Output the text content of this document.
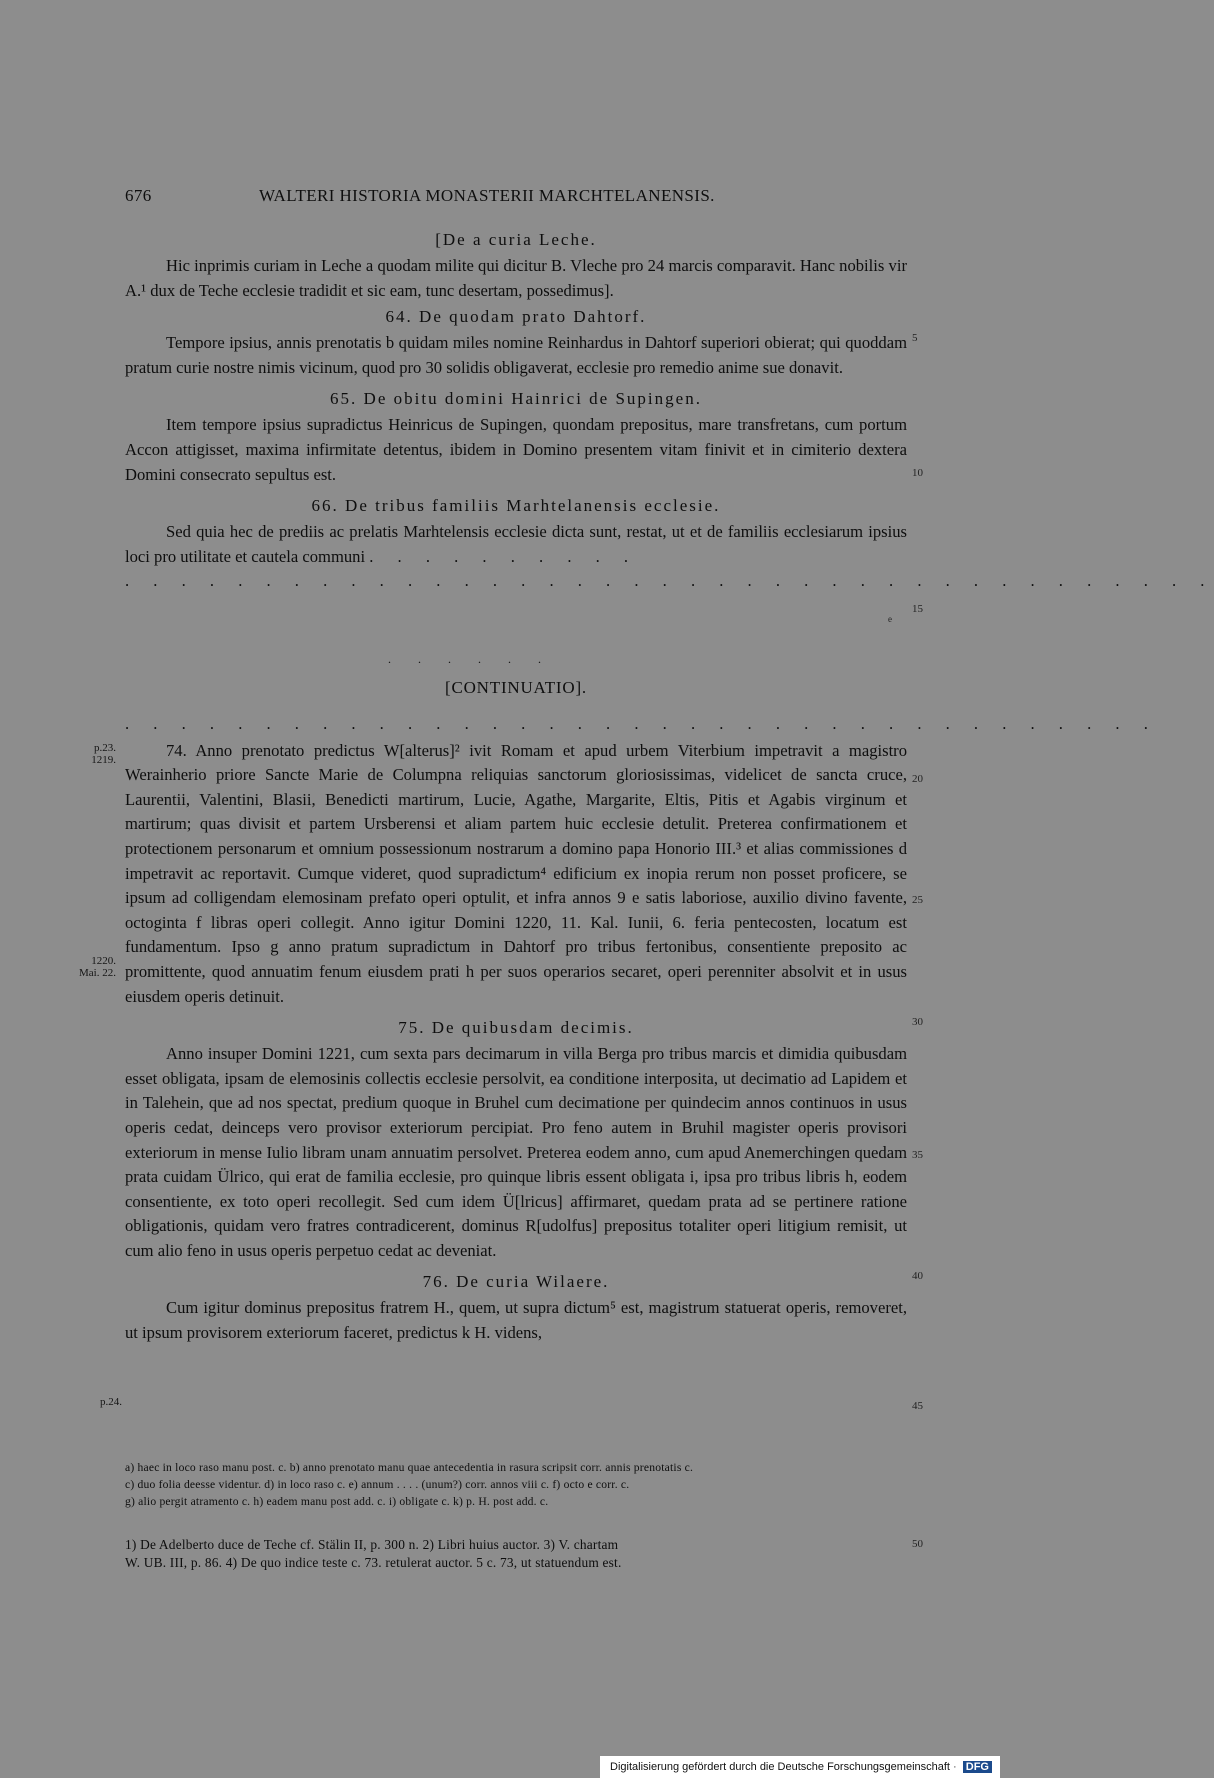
676	WALTERI HISTORIA MONASTERII MARCHTELANENSIS.
[De a curia Leche.

Hic inprimis curiam in Leche a quodam milite qui dicitur B. Vleche pro 24 marcis comparavit. Hanc nobilis vir A.¹ dux de Teche ecclesie tradidit et sic eam, tunc desertam, possedimus].

64. De quodam prato Dahtorf.

Tempore ipsius, annis prenotatis b quidam miles nomine Reinhardus in Dahtorf superiori obierat; qui quoddam pratum curie nostre nimis vicinum, quod pro 30 solidis obligaverat, ecclesie pro remedio anime sue donavit.

65. De obitu domini Hainrici de Supingen.

Item tempore ipsius supradictus Heinricus de Supingen, quondam prepositus, mare transfretans, cum portum Accon attigisset, maxima infirmitate detentus, ibidem in Domino presentem vitam finivit et in cimiterio dextera Domini consecrato sepultus est.

66. De tribus familiis Marhtelanensis ecclesie.

Sed quia hec de prediis ac prelatis Marhtelensis ecclesie dicta sunt, restat, ut et de familiis ecclesiarum ipsius loci pro utilitate et cautela communi . . . . . . . . . .

. . . . . . . . . . . . . . . . . . . . . . . . . . . . . . . . . . . . . . .
e
. . . . . .
[CONTINUATIO].
. . . . . . . . . . . . . . . . . . . . . . . . . . . . . . . . . . . . .

74. Anno prenotato predictus W[alterus]² ivit Romam et apud urbem Viterbium impetravit a magistro Werainherio priore Sancte Marie de Columpna reliquias sanctorum gloriosissimas, videlicet de sancta cruce, Laurentii, Valentini, Blasii, Benedicti martirum, Lucie, Agathe, Margarite, Eltis, Pitis et Agabis virginum et martirum; quas divisit et partem Ursberensi et aliam partem huic ecclesie detulit. Preterea confirmationem et protectionem personarum et omnium possessionum nostrarum a domino papa Honorio III.³ et alias commissiones d impetravit ac reportavit. Cumque videret, quod supradictum⁴ edificium ex inopia rerum non posset proficere, se ipsum ad colligendam elemosinam prefato operi optulit, et infra annos 9 e satis laboriose, auxilio divino favente, octoginta f libras operi collegit. Anno igitur Domini 1220, 11. Kal. Iunii, 6. feria pentecosten, locatum est fundamentum. Ipso g anno pratum supradictum in Dahtorf pro tribus fertonibus, consentiente preposito ac promittente, quod annuatim fenum eiusdem prati h per suos operarios secaret, operi perenniter absolvit et in usus eiusdem operis detinuit.

75. De quibusdam decimis.

Anno insuper Domini 1221, cum sexta pars decimarum in villa Berga pro tribus marcis et dimidia quibusdam esset obligata, ipsam de elemosinis collectis ecclesie persolvit, ea conditione interposita, ut decimatio ad Lapidem et in Talehein, que ad nos spectat, predium quoque in Bruhel cum decimatione per quindecim annos continuos in usus operis cedat, deinceps vero provisor exteriorum percipiat. Pro feno autem in Bruhil magister operis provisori exteriorum in mense Iulio libram unam annuatim persolvet. Preterea eodem anno, cum apud Anemerchingen quedam prata cuidam Ülrico, qui erat de familia ecclesie, pro quinque libris essent obligata i, ipsa pro tribus libris h, eodem consentiente, ex toto operi recollegit. Sed cum idem Ü[lricus] affirmaret, quedam prata ad se pertinere ratione obligationis, quidam vero fratres contradicerent, dominus R[udolfus] prepositus totaliter operi litigium remisit, ut cum alio feno in usus operis perpetuo cedat ac deveniat.

76. De curia Wilaere.

Cum igitur dominus prepositus fratrem H., quem, ut supra dictum⁵ est, magistrum statuerat operis, removeret, ut ipsum provisorem exteriorum faceret, predictus k H. videns,

p.23.
1219.
1220.
Mai. 22.
p.24.
5
10
15
20
25
30
35
40
45
50
a) haec in loco raso manu post. c. b) anno prenotato manu quae antecedentia in rasura scripsit corr. annis prenotatis c.
c) duo folia deesse videntur. d) in loco raso c. e) annum . . . . (unum?) corr. annos viii c. f) octo e corr. c.
g) alio pergit atramento c. h) eadem manu post add. c. i) obligate c. k) p. H. post add. c.
1) De Adelberto duce de Teche cf. Stälin II, p. 300 n. 2) Libri huius auctor. 3) V. chartam
W. UB. III, p. 86. 4) De quo indice teste c. 73. retulerat auctor. 5 c. 73, ut statuendum est.
Digitalisierung gefördert durch die Deutsche Forschungsgemeinschaft · DFG
